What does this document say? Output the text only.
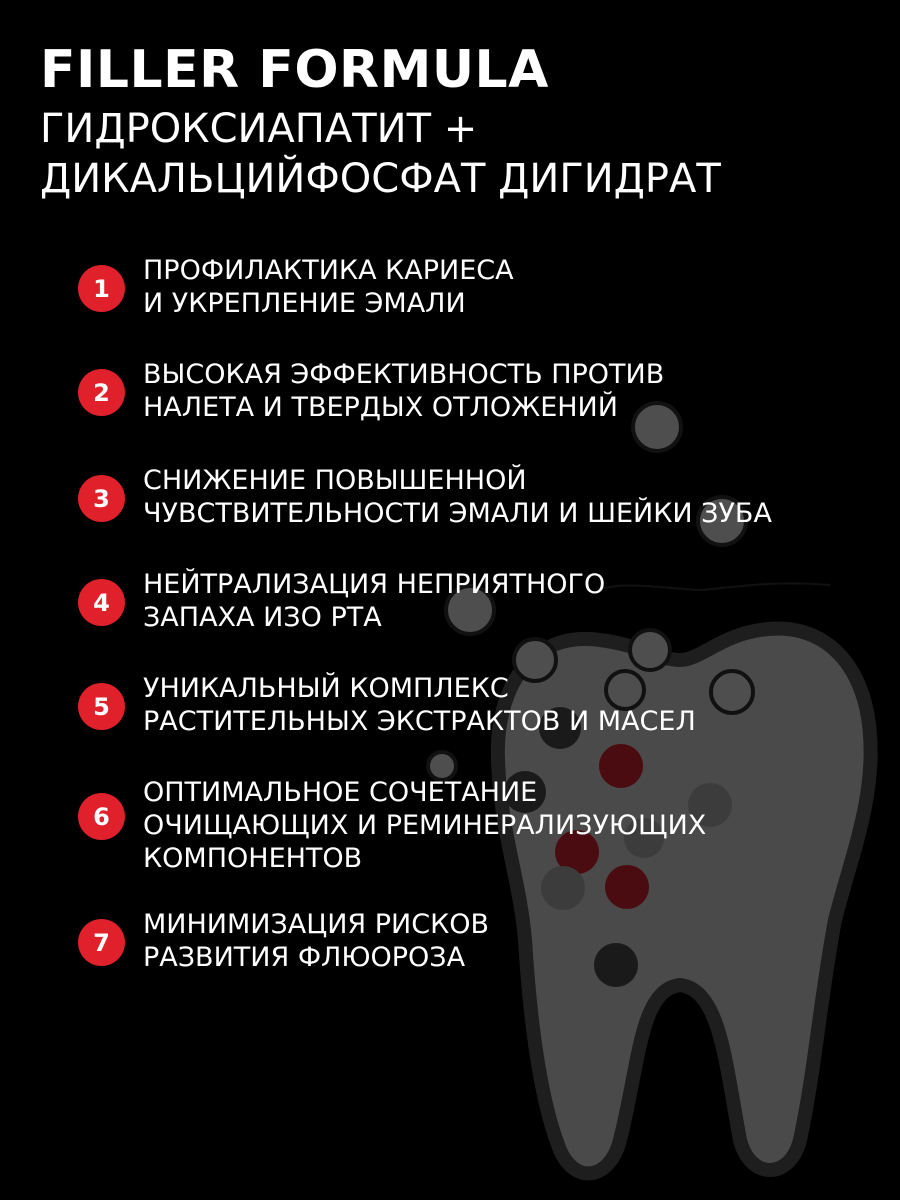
FILLER FORMULA
ГИДРОКСИАПАТИТ +
ДИКАЛЬЦИЙФОСФАТ ДИГИДРАТ
1
ПРОФИЛАКТИКА КАРИЕСА
И УКРЕПЛЕНИЕ ЭМАЛИ
2
ВЫСОКАЯ ЭФФЕКТИВНОСТЬ ПРОТИВ
НАЛЕТА И ТВЕРДЫХ ОТЛОЖЕНИЙ
3
СНИЖЕНИЕ ПОВЫШЕННОЙ
ЧУВСТВИТЕЛЬНОСТИ ЭМАЛИ И ШЕЙКИ ЗУБА
4
НЕЙТРАЛИЗАЦИЯ НЕПРИЯТНОГО
ЗАПАХА ИЗО РТА
5
УНИКАЛЬНЫЙ КОМПЛЕКС
РАСТИТЕЛЬНЫХ ЭКСТРАКТОВ И МАСЕЛ
6
ОПТИМАЛЬНОЕ СОЧЕТАНИЕ
ОЧИЩАЮЩИХ И РЕМИНЕРАЛИЗУЮЩИХ
КОМПОНЕНТОВ
7
МИНИМИЗАЦИЯ РИСКОВ
РАЗВИТИЯ ФЛЮОРОЗА
